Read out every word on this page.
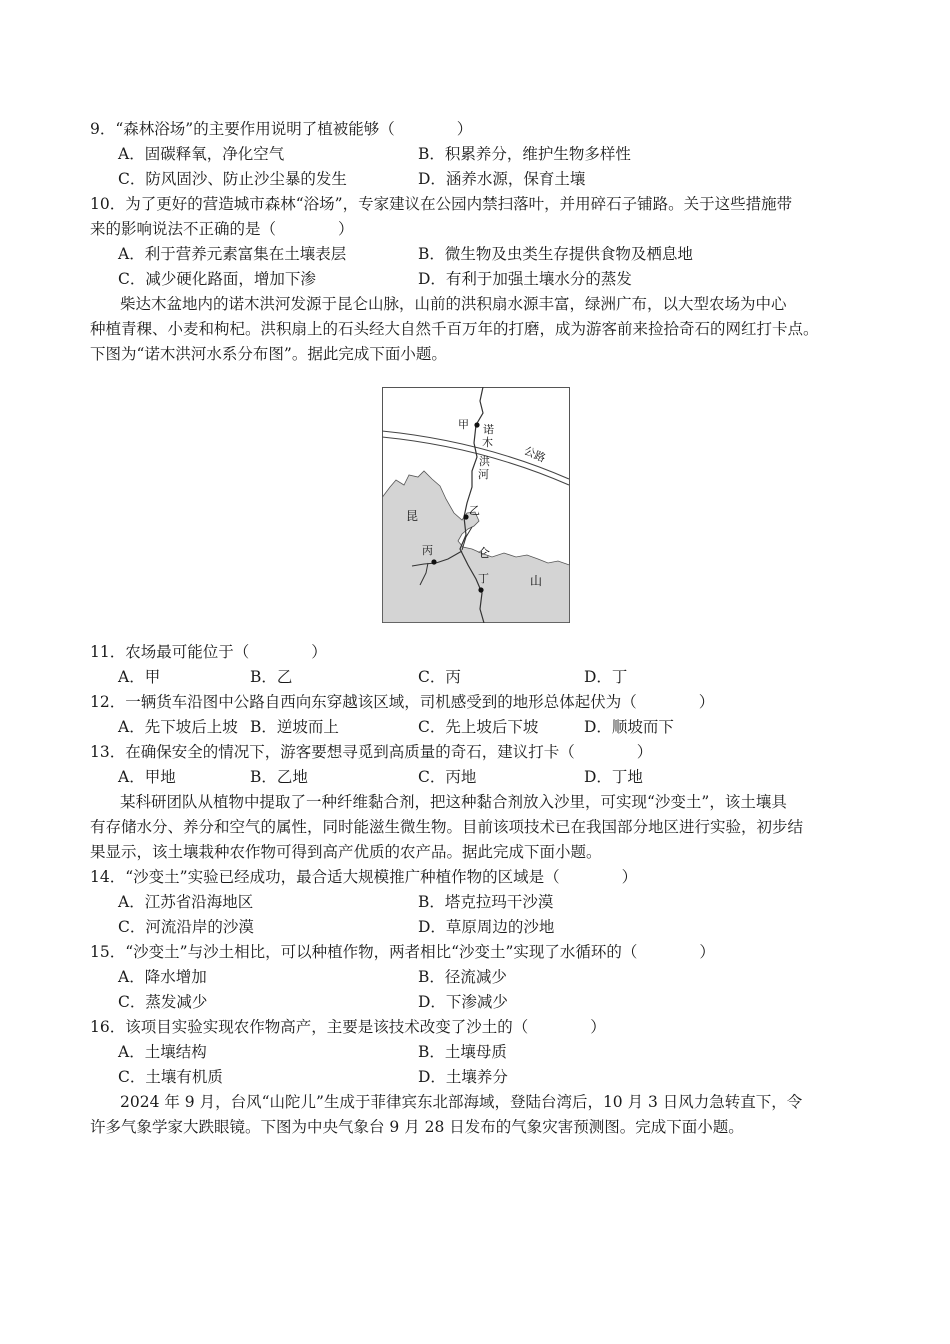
9．“森林浴场”的主要作用说明了植被能够（　　　　）
A．固碳释氧，净化空气	B．积累养分，维护生物多样性
C．防风固沙、防止沙尘暴的发生	D．涵养水源，保育土壤
10．为了更好的营造城市森林“浴场”，专家建议在公园内禁扫落叶，并用碎石子铺路。关于这些措施带
来的影响说法不正确的是（　　　　）
A．利于营养元素富集在土壤表层	B．微生物及虫类生存提供食物及栖息地
C．减少硬化路面，增加下渗	D．有利于加强土壤水分的蒸发
柴达木盆地内的诺木洪河发源于昆仑山脉，山前的洪积扇水源丰富，绿洲广布，以大型农场为中心
种植青稞、小麦和枸杞。洪积扇上的石头经大自然千百万年的打磨，成为游客前来捡拾奇石的网红打卡点。
下图为“诺木洪河水系分布图”。据此完成下面小题。
甲
乙
丙
丁
诺
木
洪
河
公路
昆
仑
山
11．农场最可能位于（　　　　）
A．甲	B．乙	C．丙	D．丁
12．一辆货车沿图中公路自西向东穿越该区域，司机感受到的地形总体起伏为（　　　　）
A．先下坡后上坡 B．逆坡而上	C．先上坡后下坡	D．顺坡而下
13．在确保安全的情况下，游客要想寻觅到高质量的奇石，建议打卡（　　　　）
A．甲地	B．乙地	C．丙地	D．丁地
某科研团队从植物中提取了一种纤维黏合剂，把这种黏合剂放入沙里，可实现“沙变土”，该土壤具
有存储水分、养分和空气的属性，同时能滋生微生物。目前该项技术已在我国部分地区进行实验，初步结
果显示，该土壤栽种农作物可得到高产优质的农产品。据此完成下面小题。
14．“沙变土”实验已经成功，最合适大规模推广种植作物的区域是（　　　　）
A．江苏省沿海地区	B．塔克拉玛干沙漠
C．河流沿岸的沙漠	D．草原周边的沙地
15．“沙变土”与沙土相比，可以种植作物，两者相比“沙变土”实现了水循环的（　　　　）
A．降水增加	B．径流减少
C．蒸发减少	D．下渗减少
16．该项目实验实现农作物高产，主要是该技术改变了沙土的（　　　　）
A．土壤结构	B．土壤母质
C．土壤有机质	D．土壤养分
2024 年 9 月，台风“山陀儿”生成于菲律宾东北部海域，登陆台湾后，10 月 3 日风力急转直下，令
许多气象学家大跌眼镜。下图为中央气象台 9 月 28 日发布的气象灾害预测图。完成下面小题。
